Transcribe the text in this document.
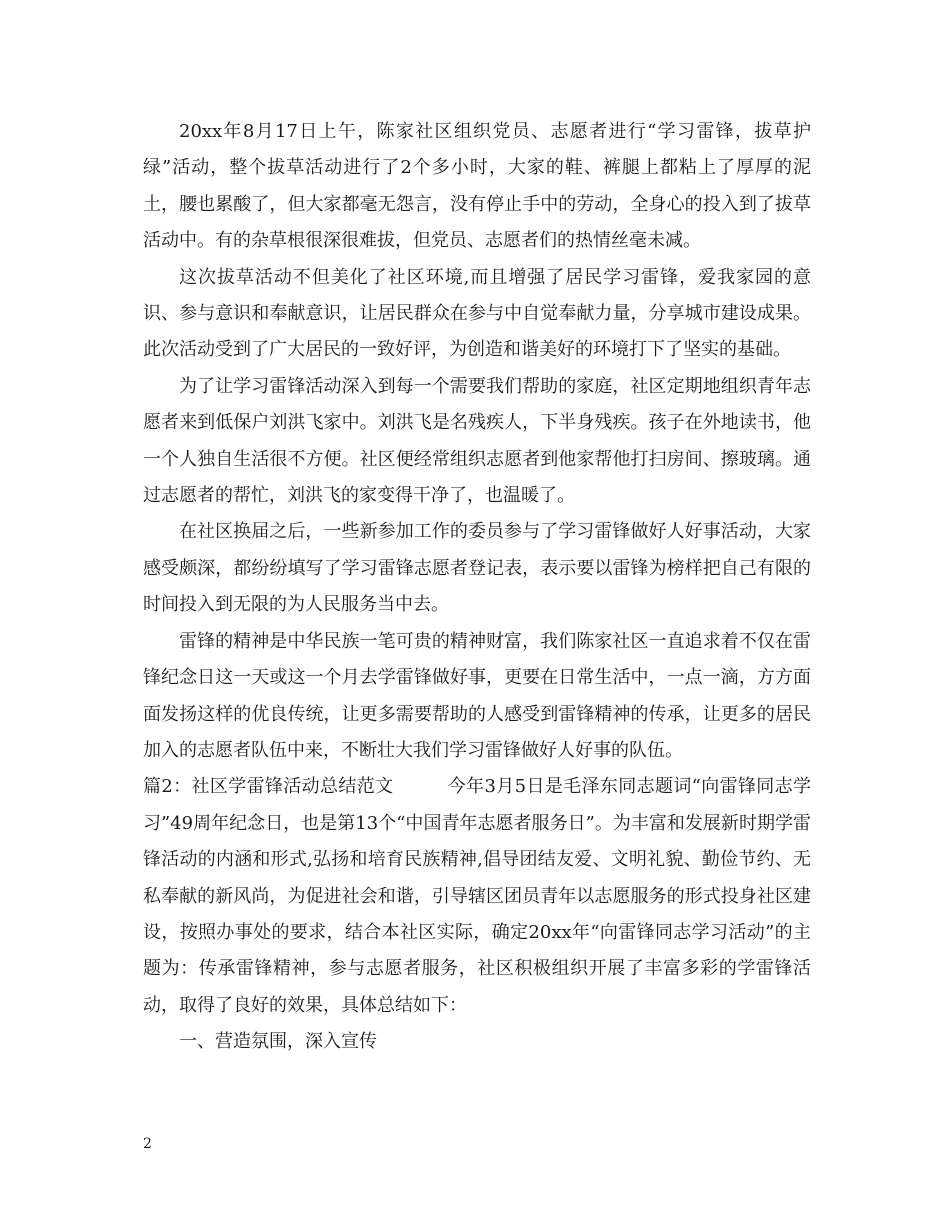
20xx年8月17日上午，陈家社区组织党员、志愿者进行“学习雷锋，拔草护绿”活动，整个拔草活动进行了2个多小时，大家的鞋、裤腿上都粘上了厚厚的泥土，腰也累酸了，但大家都毫无怨言，没有停止手中的劳动，全身心的投入到了拔草活动中。有的杂草根很深很难拔，但党员、志愿者们的热情丝毫未减。

这次拔草活动不但美化了社区环境,而且增强了居民学习雷锋，爱我家园的意识、参与意识和奉献意识，让居民群众在参与中自觉奉献力量，分享城市建设成果。此次活动受到了广大居民的一致好评，为创造和谐美好的环境打下了坚实的基础。

为了让学习雷锋活动深入到每一个需要我们帮助的家庭，社区定期地组织青年志愿者来到低保户刘洪飞家中。刘洪飞是名残疾人，下半身残疾。孩子在外地读书，他一个人独自生活很不方便。社区便经常组织志愿者到他家帮他打扫房间、擦玻璃。通过志愿者的帮忙，刘洪飞的家变得干净了，也温暖了。

在社区换届之后，一些新参加工作的委员参与了学习雷锋做好人好事活动，大家感受颇深，都纷纷填写了学习雷锋志愿者登记表，表示要以雷锋为榜样把自己有限的时间投入到无限的为人民服务当中去。

雷锋的精神是中华民族一笔可贵的精神财富，我们陈家社区一直追求着不仅在雷锋纪念日这一天或这一个月去学雷锋做好事，更要在日常生活中，一点一滴，方方面面发扬这样的优良传统，让更多需要帮助的人感受到雷锋精神的传承，让更多的居民加入的志愿者队伍中来，不断壮大我们学习雷锋做好人好事的队伍。

篇2：社区学雷锋活动总结范文	今年3月5日是毛泽东同志题词“向雷锋同志学习”49周年纪念日，也是第13个“中国青年志愿者服务日”。为丰富和发展新时期学雷锋活动的内涵和形式,弘扬和培育民族精神,倡导团结友爱、文明礼貌、勤俭节约、无私奉献的新风尚，为促进社会和谐，引导辖区团员青年以志愿服务的形式投身社区建设，按照办事处的要求，结合本社区实际，确定20xx年“向雷锋同志学习活动”的主题为：传承雷锋精神，参与志愿者服务，社区积极组织开展了丰富多彩的学雷锋活动，取得了良好的效果，具体总结如下：

一、营造氛围，深入宣传

2
